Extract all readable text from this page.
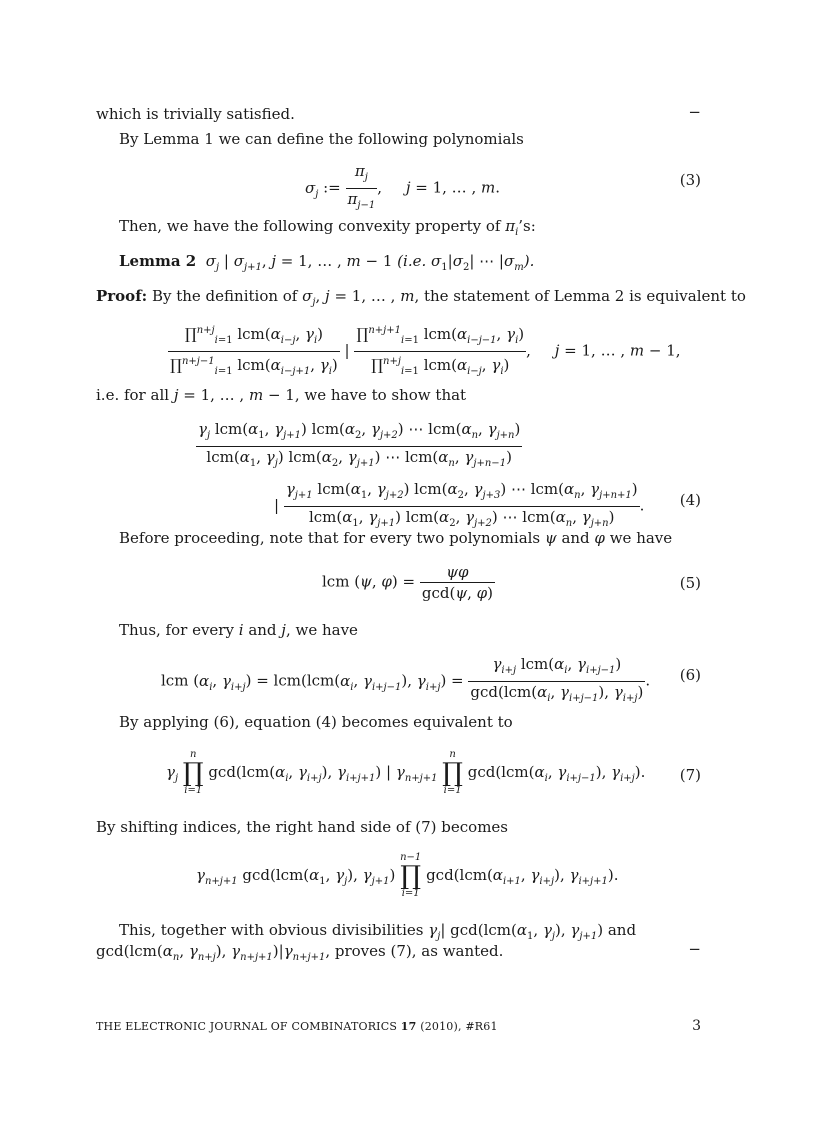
which is trivially satisfied.	−
By Lemma 1 we can define the following polynomials
$\sigma_j$ := $\frac{\pi_j}{\pi_{j-1}}$ ,     j = 1, … , m.	(3)
Then, we have the following convexity property of $\pi_i’s$:
Lemma 2 $\sigma_j$ | $\sigma_{j+1}$, j = 1, … , m − 1 (i.e. $\sigma_1|\sigma_2|$ ⋯ $|\sigma_m$).
Proof: By the definition of $\sigma_j$, j = 1, … , m, the statement of Lemma 2 is equivalent to
$\frac{\prod^{n+j}_{i=1} lcm(\alpha_{i-j}, \gamma_i)}{\prod^{n+j-1}_{i=1} lcm(\alpha_{i-j+1}, \gamma_i)}$ | $\frac{\prod^{n+j+1}_{i=1} lcm(\alpha_{i-j-1}, \gamma_i)}{\prod^{n+j}_{i=1} lcm(\alpha_{i-j}, \gamma_i)}$ ,     j = 1, … , m − 1,
i.e. for all j = 1, … , m − 1, we have to show that
$\frac{\gamma_j lcm(\alpha_1, \gamma_{j+1}) lcm(\alpha_2, \gamma_{j+2}) \cdots lcm(\alpha_n, \gamma_{j+n})}{lcm(\alpha_1, \gamma_j) lcm(\alpha_2, \gamma_{j+1}) \cdots lcm(\alpha_n, \gamma_{j+n-1})}$
| $\frac{\gamma_{j+1} lcm(\alpha_1, \gamma_{j+2}) lcm(\alpha_2, \gamma_{j+3}) \cdots lcm(\alpha_n, \gamma_{j+n+1})}{lcm(\alpha_1, \gamma_{j+1}) lcm(\alpha_2, \gamma_{j+2}) \cdots lcm(\alpha_n, \gamma_{j+n})}$ . (4)
Before proceeding, note that for every two polynomials ψ and φ we have
lcm (ψ, $\varphi) = \frac{\psi\varphi}{\gcd(\psi, \varphi)}$	(5)
Thus, for every i and j, we have
lcm ($\alpha_i$, $\gamma_{i+j}) = lcm(lcm(\alpha_i$, $\gamma_{i+j-1}$), $\gamma_{i+j}) = \frac{\gamma_{i+j} lcm(\alpha_i, \gamma_{i+j-1})}{\gcd(lcm(\alpha_i, \gamma_{i+j-1}), \gamma_{i+j})}$ . (6)
By applying (6), equation (4) becomes equivalent to
$\gamma_j$
n
∏
i=1
$\gcd(lcm(\alpha_i$, $\gamma_{i+j}$), $\gamma_{i+j+1}$) | $\gamma_{n+j+1}$
n
∏
i=1
$\gcd(lcm(\alpha_i$, $\gamma_{i+j-1}$), $\gamma_{i+j}$). (7)
By shifting indices, the right hand side of (7) becomes
$\gamma_{n+j+1}$ $\gcd(lcm(\alpha_1$, $\gamma_j$), $\gamma_{j+1}$)
n−1
∏
i=1
$\gcd(lcm(\alpha_{i+1}$, $\gamma_{i+j}$), $\gamma_{i+j+1}$).
This, together with obvious divisibilities $\gamma_j|$ $\gcd(lcm(\alpha_1$, $\gamma_j$), $\gamma_{j+1}$) and
$\gcd(lcm(\alpha_n$, $\gamma_{n+j}$), $\gamma_{n+j+1})|\gamma_{n+j+1}$, proves (7), as wanted.	−
THE ELECTRONIC JOURNAL OF COMBINATORICS 17 (2010), #R61	3
